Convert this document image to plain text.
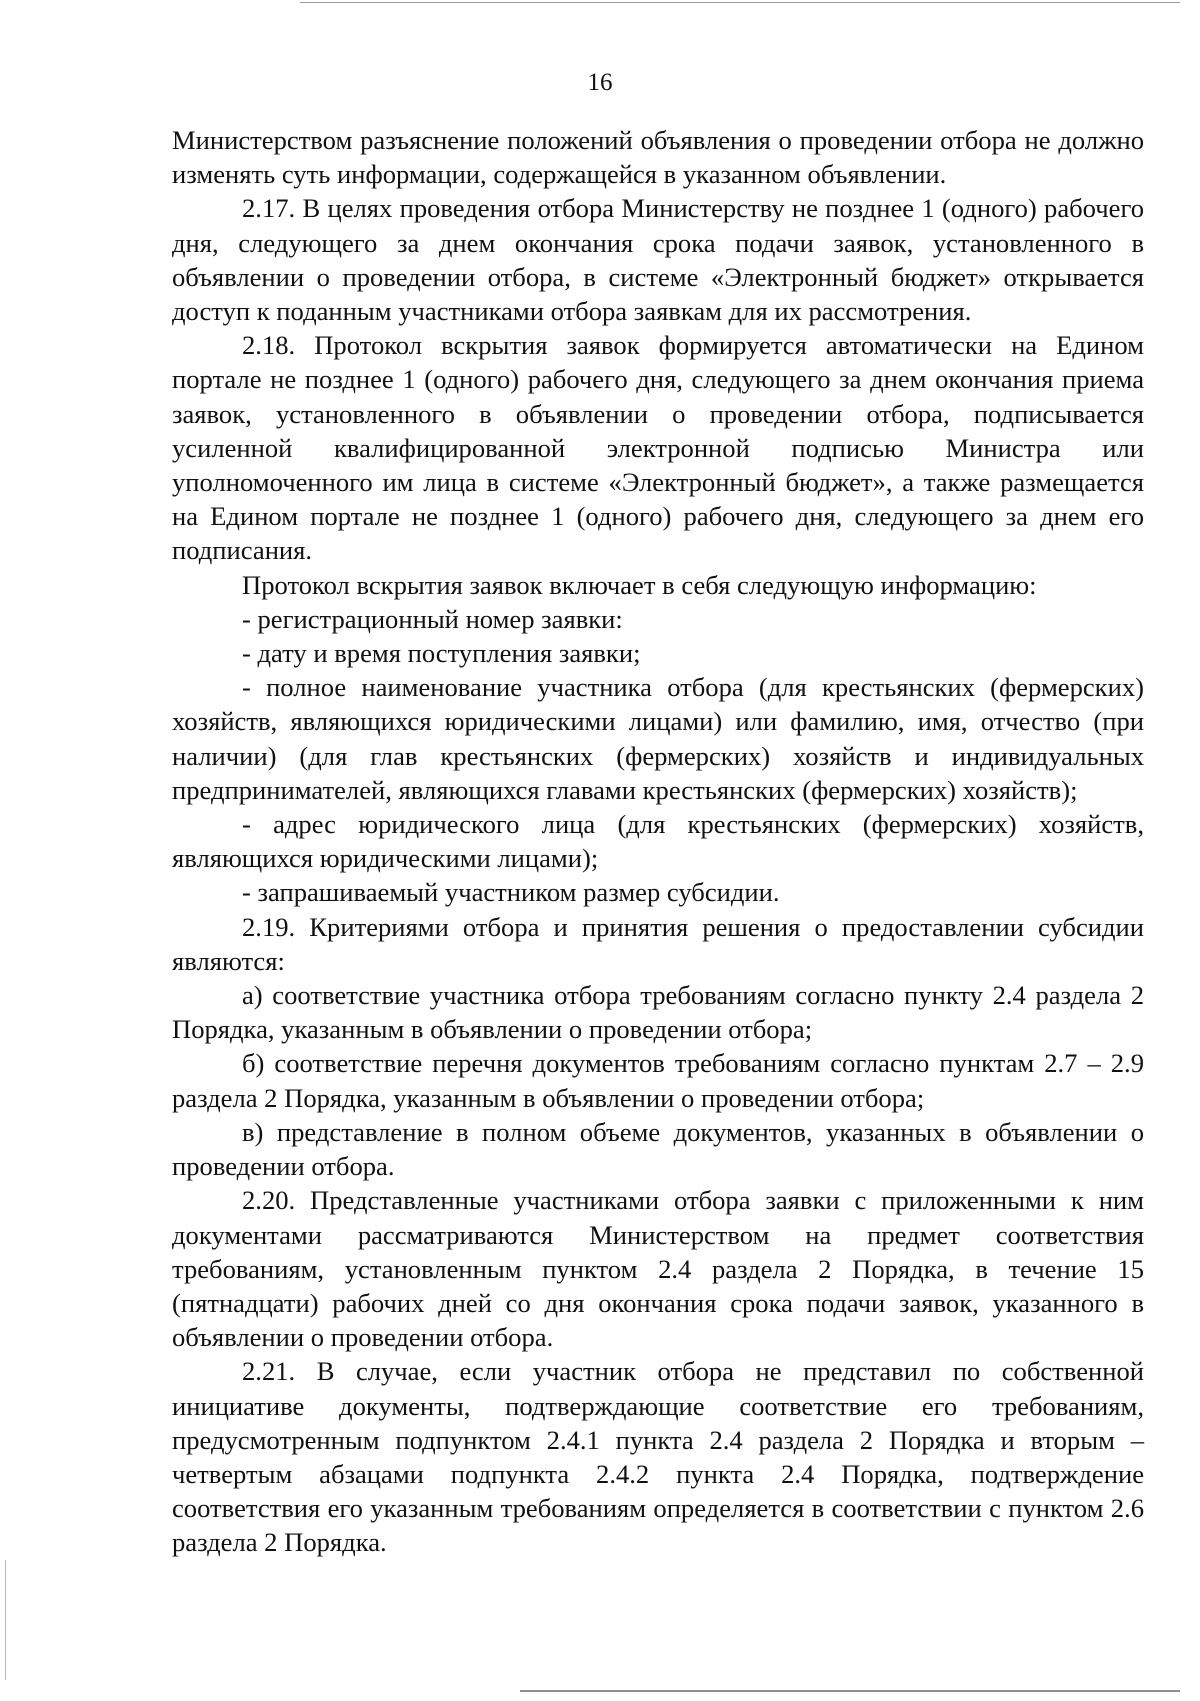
16

Министерством разъяснение положений объявления о проведении отбора не должно изменять суть информации, содержащейся в указанном объявлении.

2.17. В целях проведения отбора Министерству не позднее 1 (одного) рабочего дня, следующего за днем окончания срока подачи заявок, установленного в объявлении о проведении отбора, в системе «Электронный бюджет» открывается доступ к поданным участниками отбора заявкам для их рассмотрения.

2.18. Протокол вскрытия заявок формируется автоматически на Едином портале не позднее 1 (одного) рабочего дня, следующего за днем окончания приема заявок, установленного в объявлении о проведении отбора, подписывается усиленной квалифицированной электронной подписью Министра или уполномоченного им лица в системе «Электронный бюджет», а также размещается на Едином портале не позднее 1 (одного) рабочего дня, следующего за днем его подписания.

Протокол вскрытия заявок включает в себя следующую информацию:

- регистрационный номер заявки:

- дату и время поступления заявки;

- полное наименование участника отбора (для крестьянских (фермерских) хозяйств, являющихся юридическими лицами) или фамилию, имя, отчество (при наличии) (для глав крестьянских (фермерских) хозяйств и индивидуальных предпринимателей, являющихся главами крестьянских (фермерских) хозяйств);

- адрес юридического лица (для крестьянских (фермерских) хозяйств, являющихся юридическими лицами);

- запрашиваемый участником размер субсидии.

2.19. Критериями отбора и принятия решения о предоставлении субсидии являются:

а) соответствие участника отбора требованиям согласно пункту 2.4 раздела 2 Порядка, указанным в объявлении о проведении отбора;

б) соответствие перечня документов требованиям согласно пунктам 2.7 – 2.9 раздела 2 Порядка, указанным в объявлении о проведении отбора;

в) представление в полном объеме документов, указанных в объявлении о проведении отбора.

2.20. Представленные участниками отбора заявки с приложенными к ним документами рассматриваются Министерством на предмет соответствия требованиям, установленным пунктом 2.4 раздела 2 Порядка, в течение 15 (пятнадцати) рабочих дней со дня окончания срока подачи заявок, указанного в объявлении о проведении отбора.

2.21. В случае, если участник отбора не представил по собственной инициативе документы, подтверждающие соответствие его требованиям, предусмотренным подпунктом 2.4.1 пункта 2.4 раздела 2 Порядка и вторым – четвертым абзацами подпункта 2.4.2 пункта 2.4 Порядка, подтверждение соответствия его указанным требованиям определяется в соответствии с пунктом 2.6 раздела 2 Порядка.
